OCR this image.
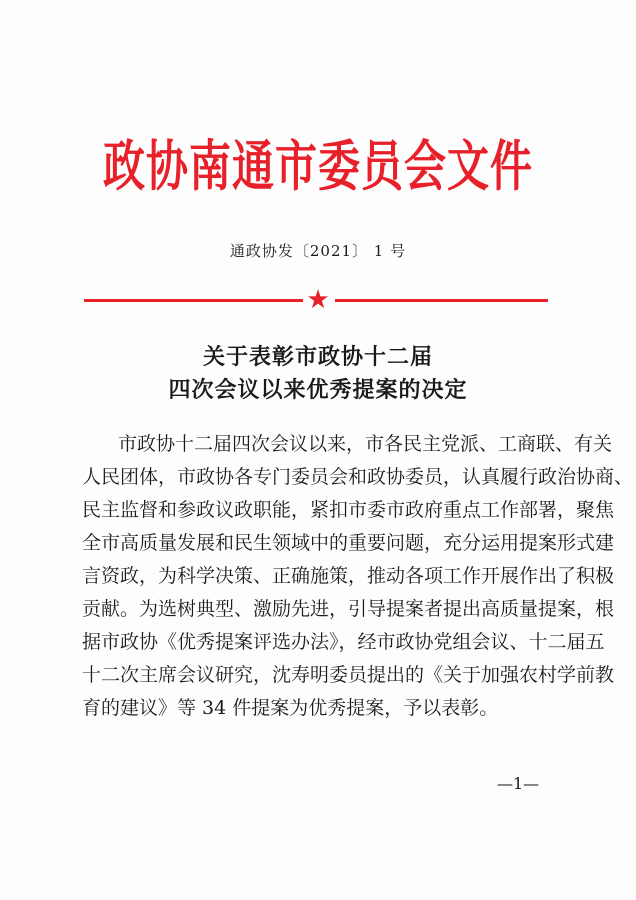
政协南通市委员会文件
通政协发〔2021〕 1 号
★
关于表彰市政协十二届
四次会议以来优秀提案的决定
市政协十二届四次会议以来，市各民主党派、工商联、有关
人民团体，市政协各专门委员会和政协委员，认真履行政治协商、
民主监督和参政议政职能，紧扣市委市政府重点工作部署，聚焦
全市高质量发展和民生领域中的重要问题，充分运用提案形式建
言资政，为科学决策、正确施策，推动各项工作开展作出了积极
贡献。为选树典型、激励先进，引导提案者提出高质量提案，根
据市政协《优秀提案评选办法》，经市政协党组会议、十二届五
十二次主席会议研究，沈寿明委员提出的《关于加强农村学前教
育的建议》等 34 件提案为优秀提案，予以表彰。
—1—
